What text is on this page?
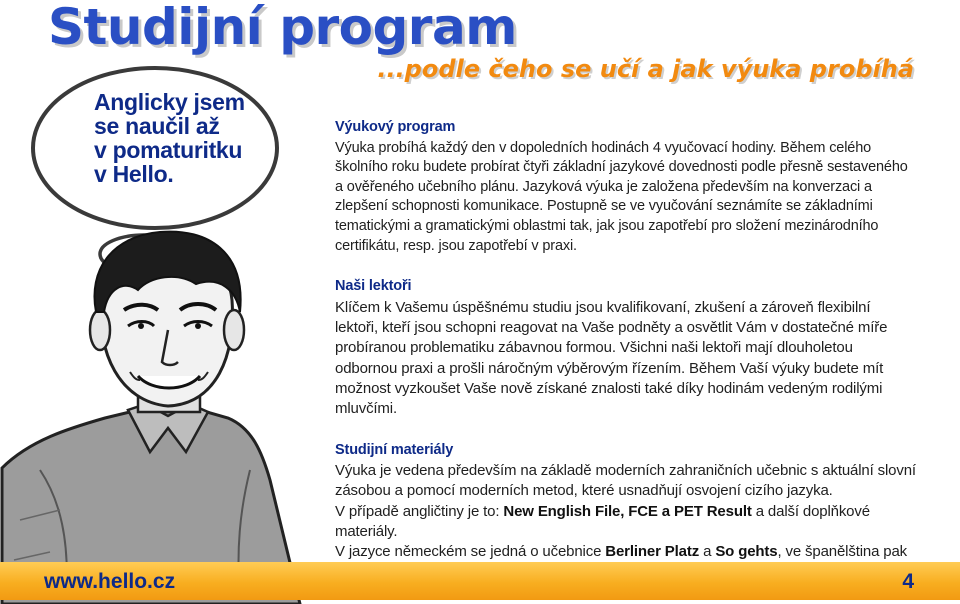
Studijní program
...podle čeho se učí a jak výuka probíhá
Anglicky jsem
se naučil až
v pomaturitku
v Hello.
Výukový program

Výuka probíhá každý den v dopoledních hodinách 4 vyučovací hodiny. Během celého školního roku budete probírat čtyři základní jazykové dovednosti podle přesně sestaveného a ověřeného učebního plánu. Jazyková výuka je založena především na konverzaci a zlepšení schopnosti komunikace. Postupně se ve vyučování seznámíte se základními tematickými a gramatickými oblastmi tak, jak jsou zapotřebí pro složení mezinárodního certifikátu, resp. jsou zapotřebí v praxi.

Naši lektoři

Klíčem k Vašemu úspěšnému studiu jsou kvalifikovaní, zkušení a zároveň flexibilní lektoři, kteří jsou schopni reagovat na Vaše podněty a osvětlit Vám v dostatečné míře probíranou problematiku zábavnou formou. Všichni naši lektoři mají dlouholetou odbornou praxi a prošli náročným výběrovým řízením. Během Vaší výuky budete mít možnost vyzkoušet Vaše nově získané znalosti také díky hodinám vedeným rodilými mluvčími.

Studijní materiály

Výuka je vedena především na základě moderních zahraničních učebnic s aktuální slovní zásobou a pomocí moderních metod, které usnadňují osvojení cizího jazyka.

V případě angličtiny je to: New English File, FCE a PET Result a další doplňkové materiály.

V jazyce německém se jedná o učebnice Berliner Platz a So gehts, ve španělština pak

www.hello.cz	4
